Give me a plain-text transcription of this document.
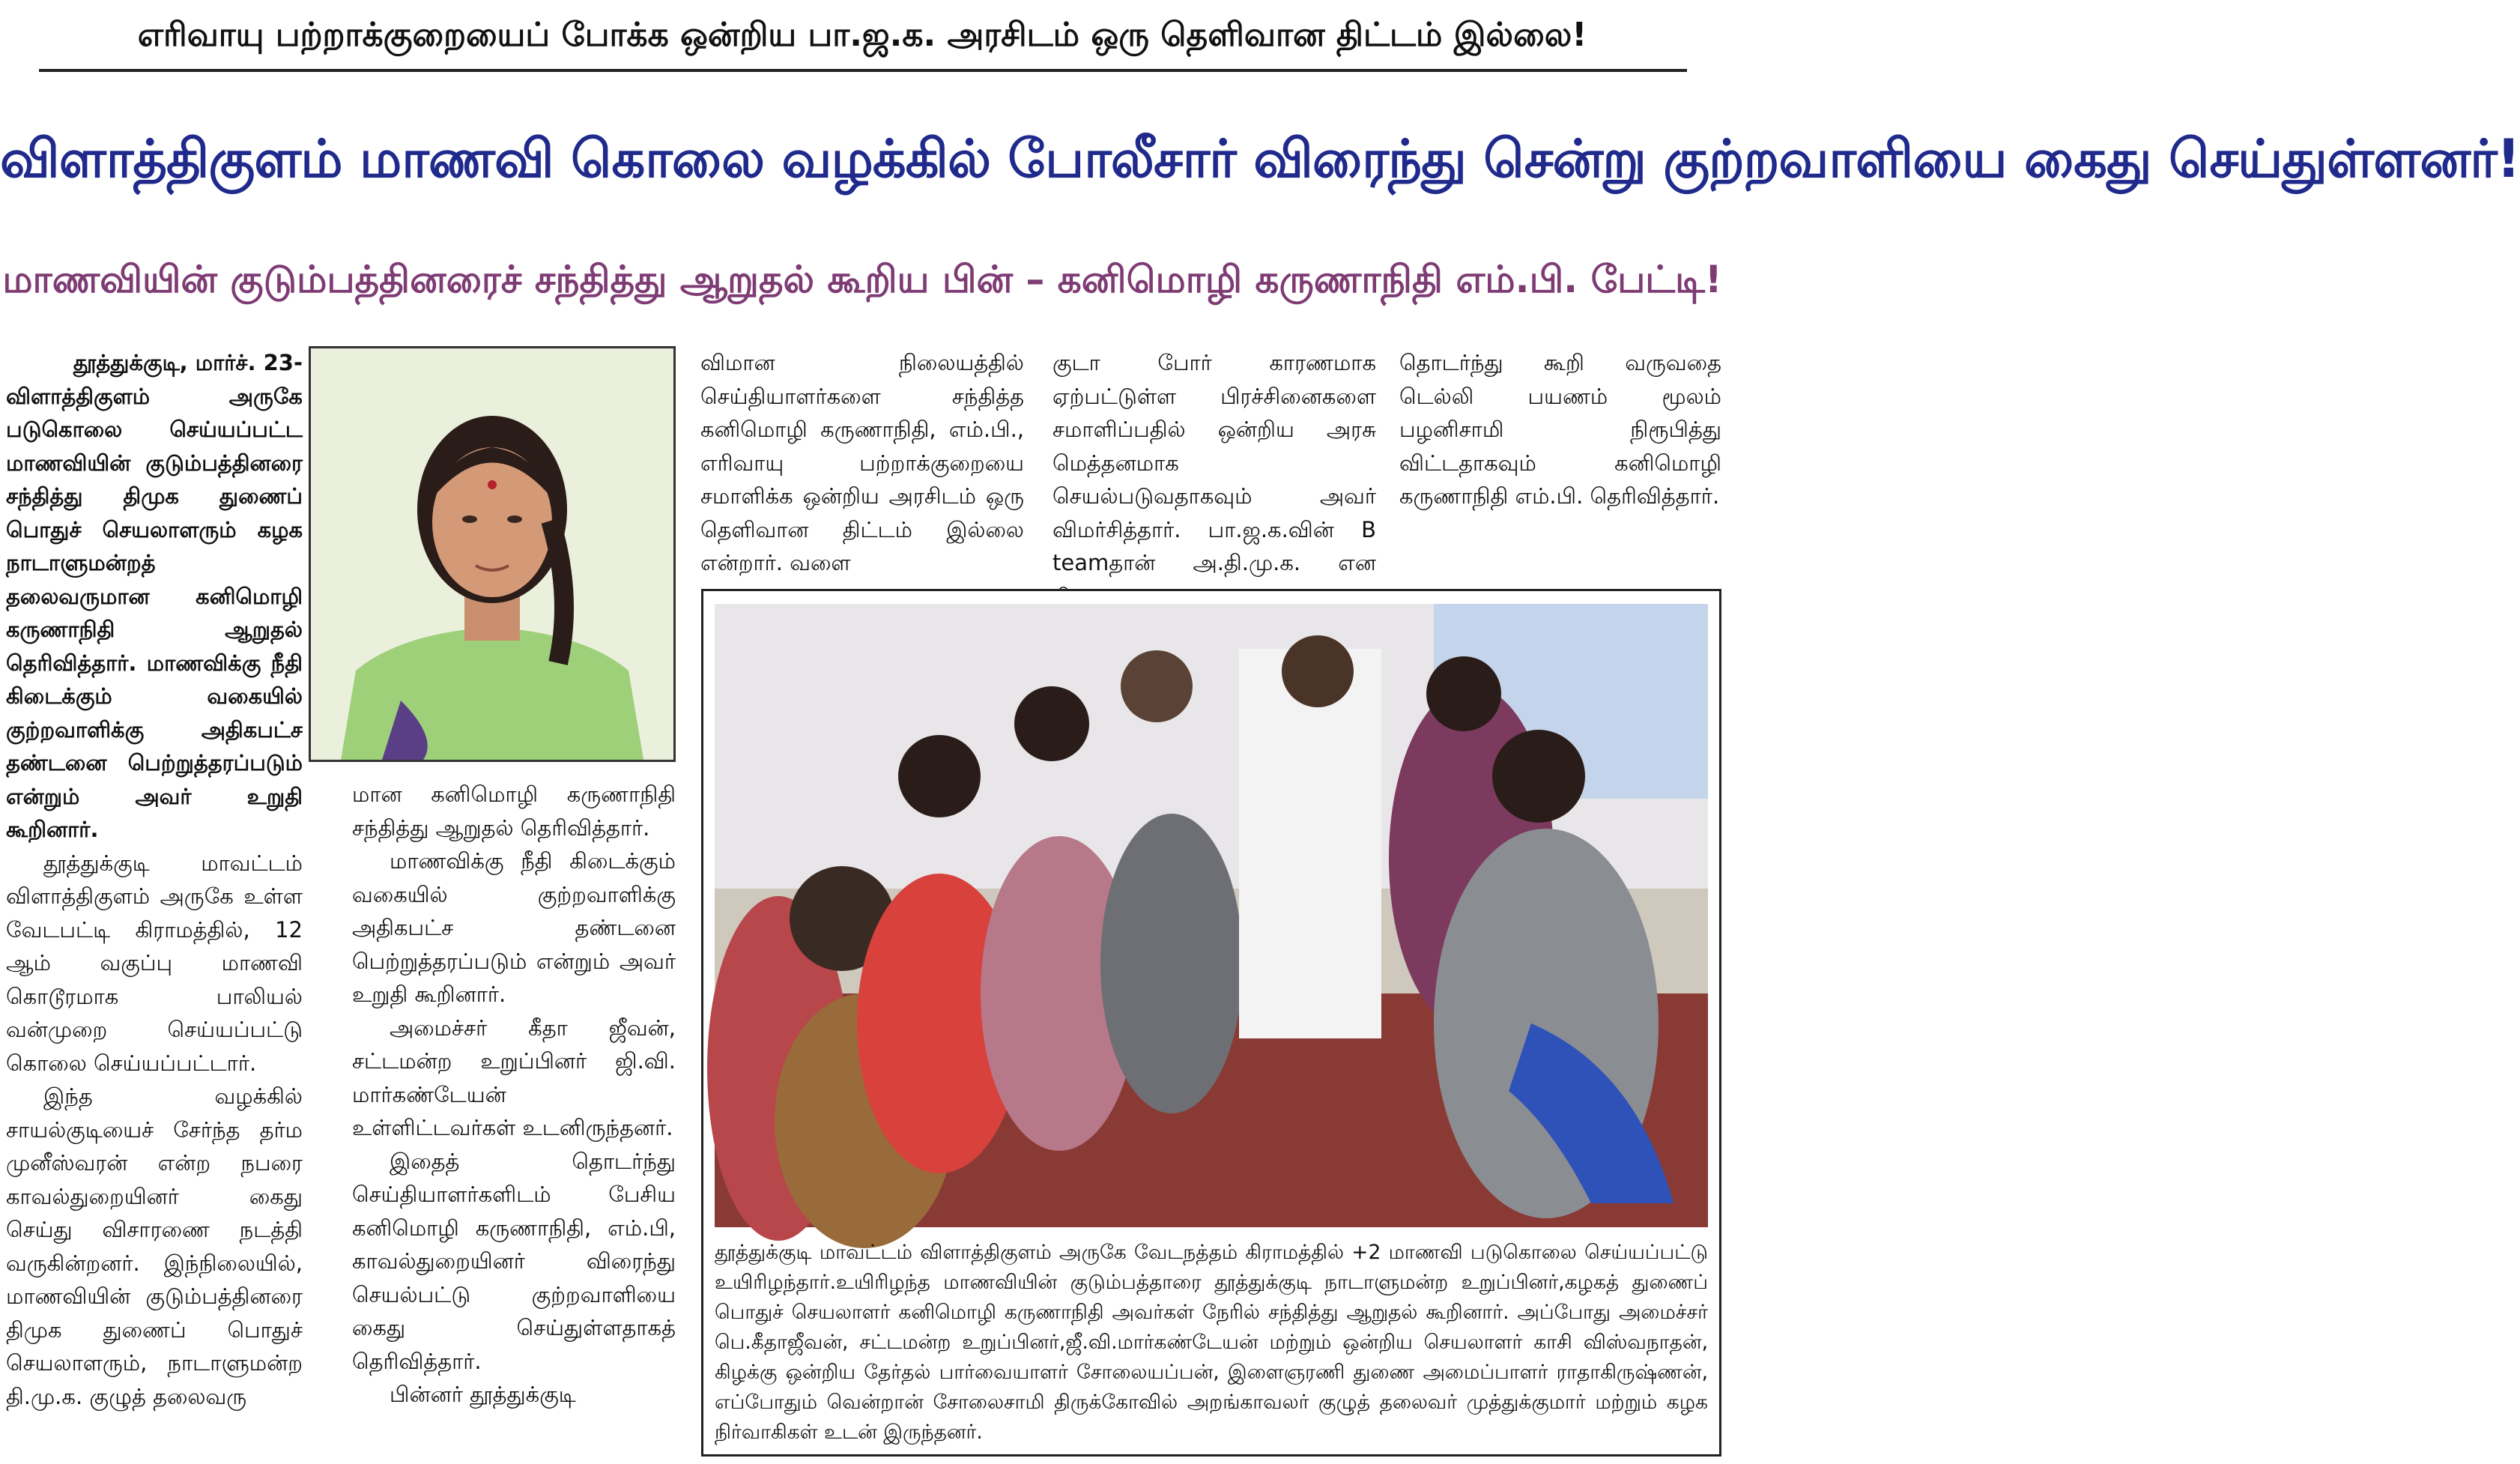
எரிவாயு பற்றாக்குறையைப் போக்க ஒன்றிய பா.ஜ.க. அரசிடம் ஒரு தெளிவான திட்டம் இல்லை!
விளாத்திகுளம் மாணவி கொலை வழக்கில் போலீசார் விரைந்து சென்று குற்றவாளியை கைது செய்துள்ளனர்!
மாணவியின் குடும்பத்தினரைச் சந்தித்து ஆறுதல் கூறிய பின் – கனிமொழி கருணாநிதி எம்.பி. பேட்டி!

தூத்துக்குடி, மார்ச். 23-

விளாத்திகுளம் அருகே படுகொலை செய்யப்பட்ட மாணவியின் குடும்பத்தினரை சந்தித்து திமுக துணைப் பொதுச் செயலாளரும் கழக நாடாளுமன்றத் தலைவருமான கனிமொழி கருணாநிதி ஆறுதல் தெரிவித்தார். மாணவிக்கு நீதி கிடைக்கும் வகையில் குற்றவாளிக்கு அதிகபட்ச தண்டனை பெற்றுத்தரப்படும் என்றும் அவர் உறுதி கூறினார்.

தூத்துக்குடி மாவட்டம் விளாத்திகுளம் அருகே உள்ள வேடபட்டி கிராமத்தில், 12 ஆம் வகுப்பு மாணவி கொடூரமாக பாலியல் வன்முறை செய்யப்பட்டு கொலை செய்யப்பட்டார்.

இந்த வழக்கில் சாயல்குடியைச் சேர்ந்த தர்ம முனீஸ்வரன் என்ற நபரை காவல்துறையினர் கைது செய்து விசாரணை நடத்தி வருகின்றனர். இந்நிலையில், மாணவியின் குடும்பத்தினரை திமுக துணைப் பொதுச் செயலாளரும், நாடாளுமன்ற தி.மு.க. குழுத் தலைவரு

மான கனிமொழி கருணாநிதி சந்தித்து ஆறுதல் தெரிவித்தார்.

மாணவிக்கு நீதி கிடைக்கும் வகையில் குற்றவாளிக்கு அதிகபட்ச தண்டனை பெற்றுத்தரப்படும் என்றும் அவர் உறுதி கூறினார்.

அமைச்சர் கீதா ஜீவன், சட்டமன்ற உறுப்பினர் ஜி.வி. மார்கண்டேயன் உள்ளிட்டவர்கள் உடனிருந்தனர்.

இதைத் தொடர்ந்து செய்தியாளர்களிடம் பேசிய கனிமொழி கருணாநிதி, எம்.பி, காவல்துறையினர் விரைந்து செயல்பட்டு குற்றவாளியை கைது செய்துள்ளதாகத் தெரிவித்தார்.

பின்னர் தூத்துக்குடி

விமான நிலையத்தில் செய்தியாளர்களை சந்தித்த கனிமொழி கருணாநிதி, எம்.பி., எரிவாயு பற்றாக்குறையை சமாளிக்க ஒன்றிய அரசிடம் ஒரு தெளிவான திட்டம் இல்லை என்றார். வளை

குடா போர் காரணமாக ஏற்பட்டுள்ள பிரச்சினைகளை சமாளிப்பதில் ஒன்றிய அரசு மெத்தனமாக செயல்படுவதாகவும் அவர் விமர்சித்தார். பா.ஜ.க.வின் B teamதான் அ.தி.மு.க. என

தொடர்ந்து கூறி வருவதை டெல்லி பயணம் மூலம் பழனிசாமி நிரூபித்து விட்டதாகவும் கனிமொழி கருணாநிதி எம்.பி. தெரிவித்தார்.

தூத்துக்குடி மாவட்டம் விளாத்திகுளம் அருகே வேடநத்தம் கிராமத்தில் +2 மாணவி படுகொலை செய்யப்பட்டு உயிரிழந்தார்.உயிரிழந்த மாணவியின் குடும்பத்தாரை தூத்துக்குடி நாடாளுமன்ற உறுப்பினர்,கழகத் துணைப் பொதுச் செயலாளர் கனிமொழி கருணாநிதி அவர்கள் நேரில் சந்தித்து ஆறுதல் கூறினார். அப்போது அமைச்சர் பெ.கீதாஜீவன், சட்டமன்ற உறுப்பினர்,ஜீ.வி.மார்கண்டேயன் மற்றும் ஒன்றிய செயலாளர் காசி விஸ்வநாதன், கிழக்கு ஒன்றிய தேர்தல் பார்வையாளர் சோலையப்பன், இளைஞரணி துணை அமைப்பாளர் ராதாகிருஷ்ணன், எப்போதும் வென்றான் சோலைசாமி திருக்கோவில் அறங்காவலர் குழுத் தலைவர் முத்துக்குமார் மற்றும் கழக நிர்வாகிகள் உடன் இருந்தனர்.
